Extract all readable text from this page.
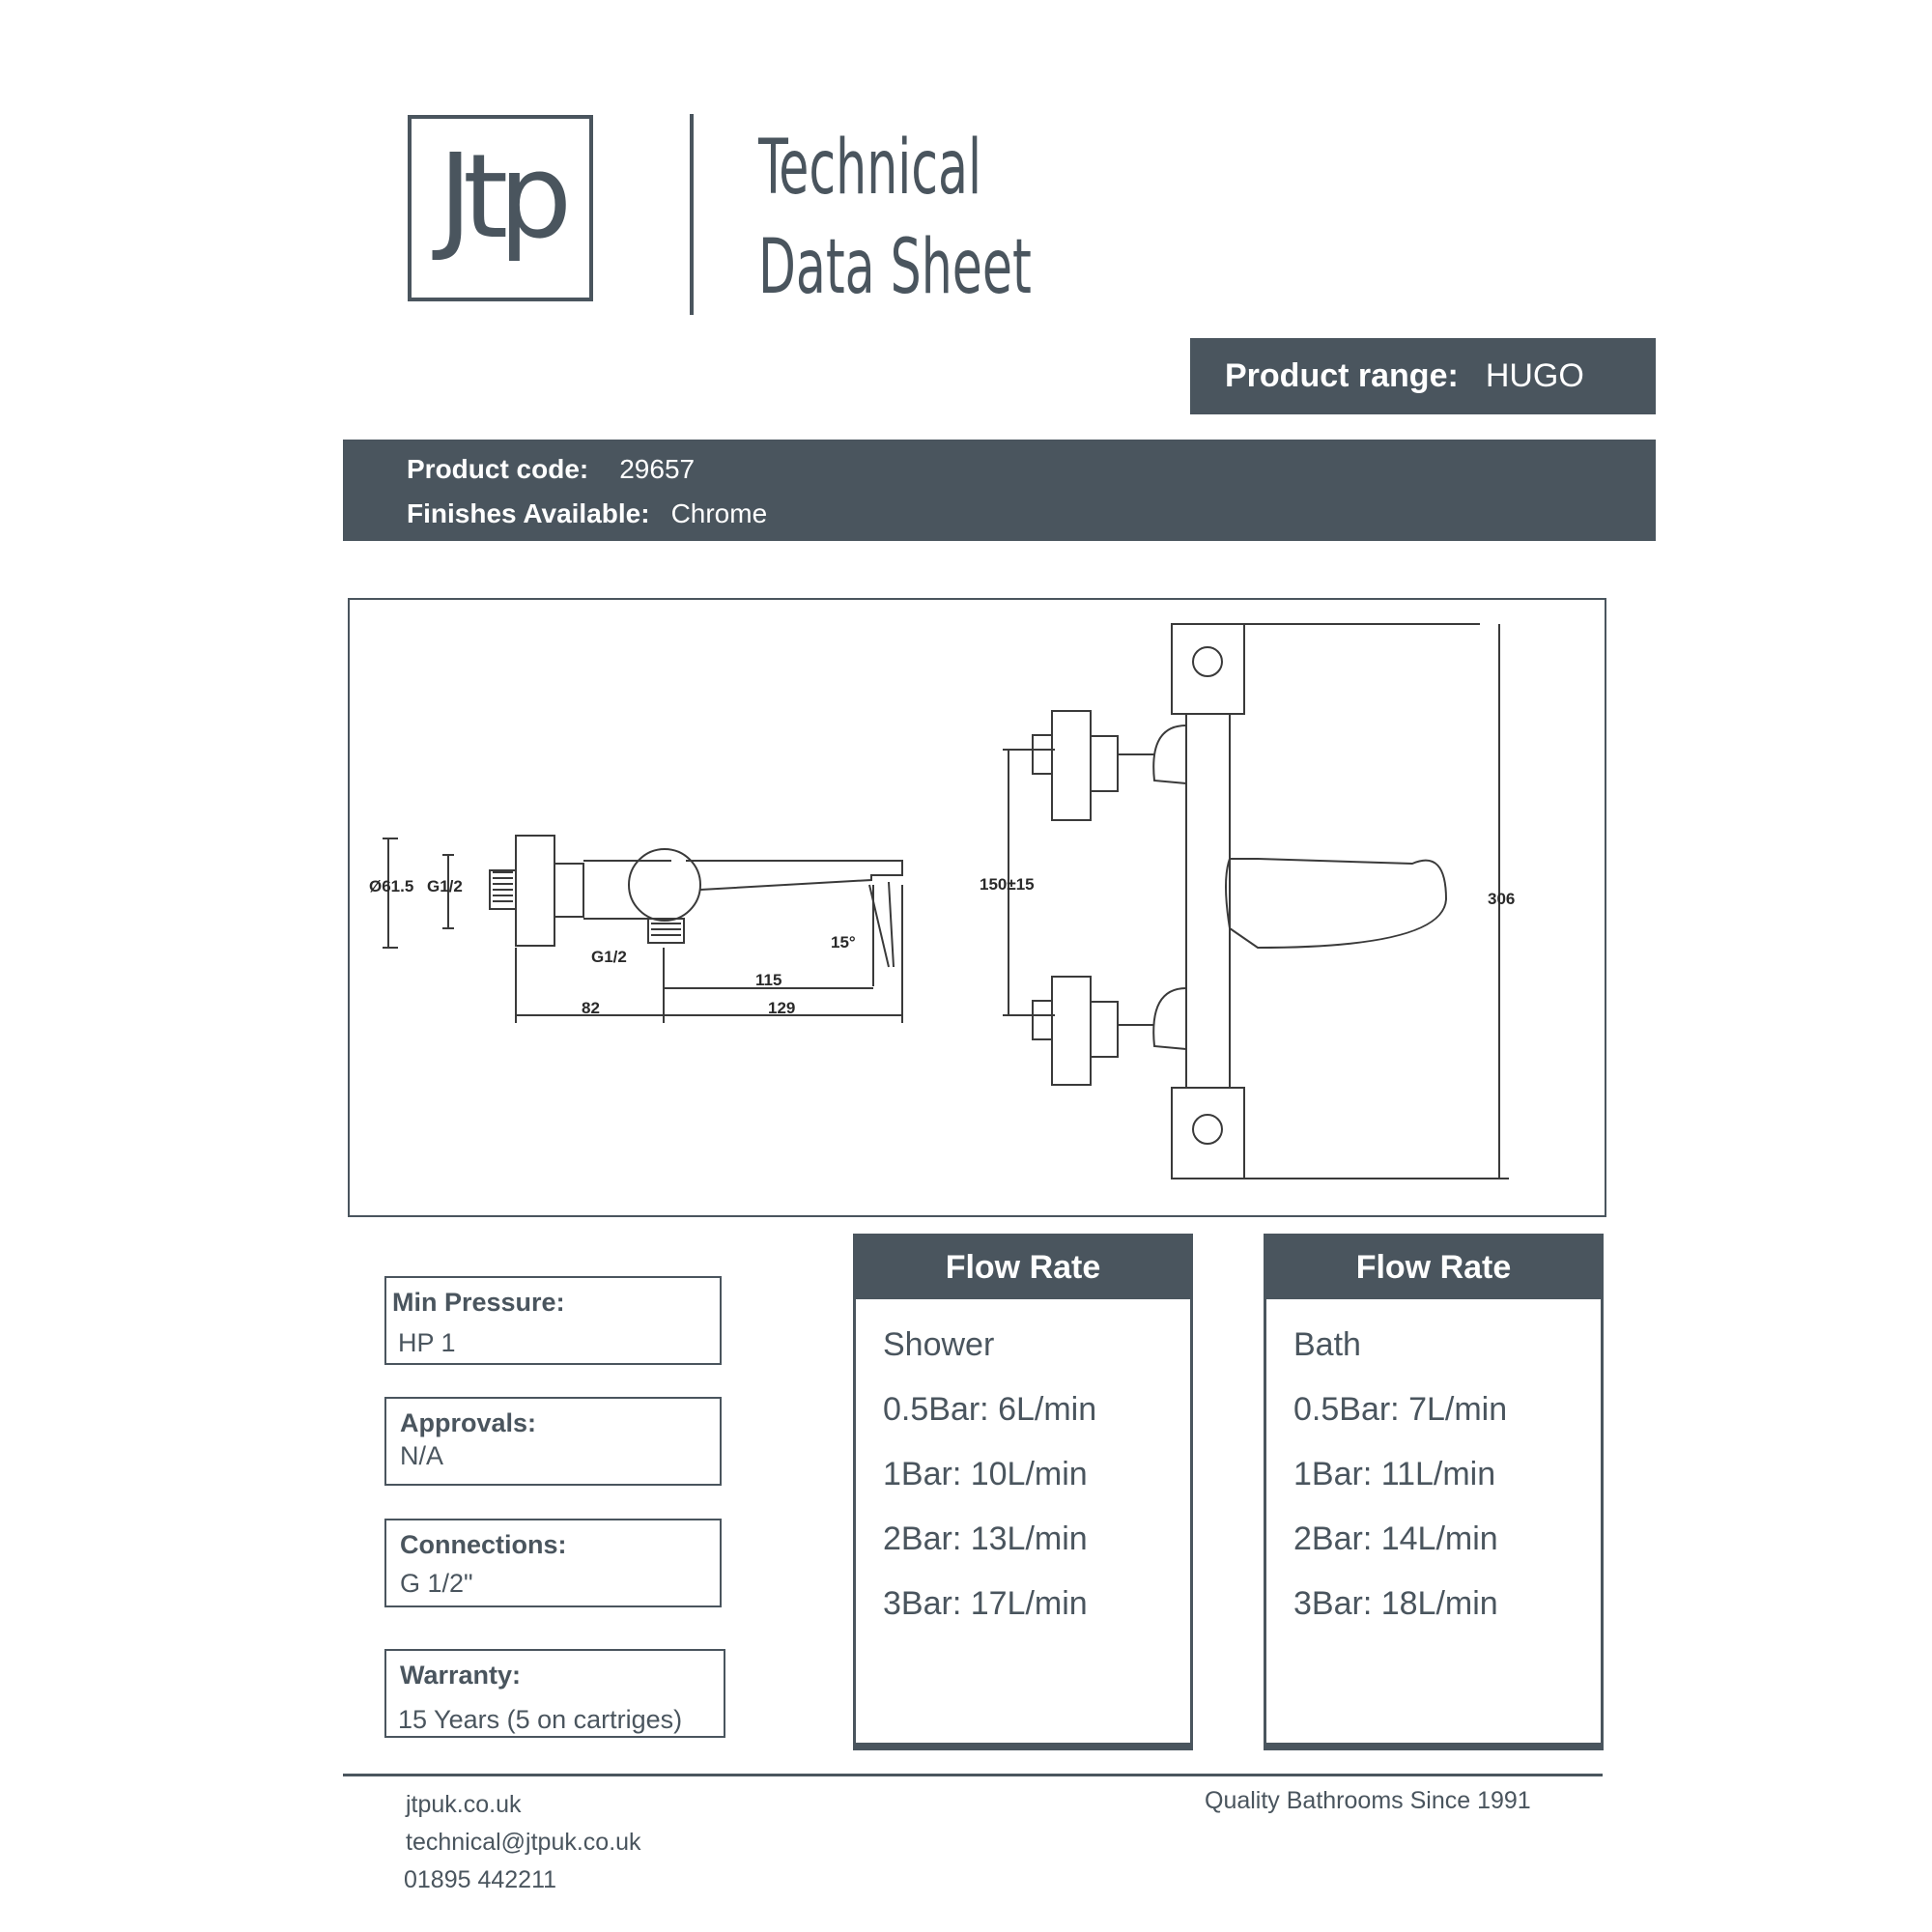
Jtp	Technical
Data Sheet
Product range: HUGO
Product code: 29657
Finishes Available: Chrome
Ø61.5 G1/2
G1/2
15°
115
82	129
150±15
306
Min Pressure:
HP 1
Approvals:
N/A
Connections:
G 1/2"
Warranty:
15 Years (5 on cartriges)
Flow Rate
Shower
0.5Bar: 6L/min
1Bar: 10L/min
2Bar: 13L/min
3Bar: 17L/min
Flow Rate
Bath
0.5Bar: 7L/min
1Bar: 11L/min
2Bar: 14L/min
3Bar: 18L/min
jtpuk.co.uk
technical@jtpuk.co.uk
01895 442211
Quality Bathrooms Since 1991
